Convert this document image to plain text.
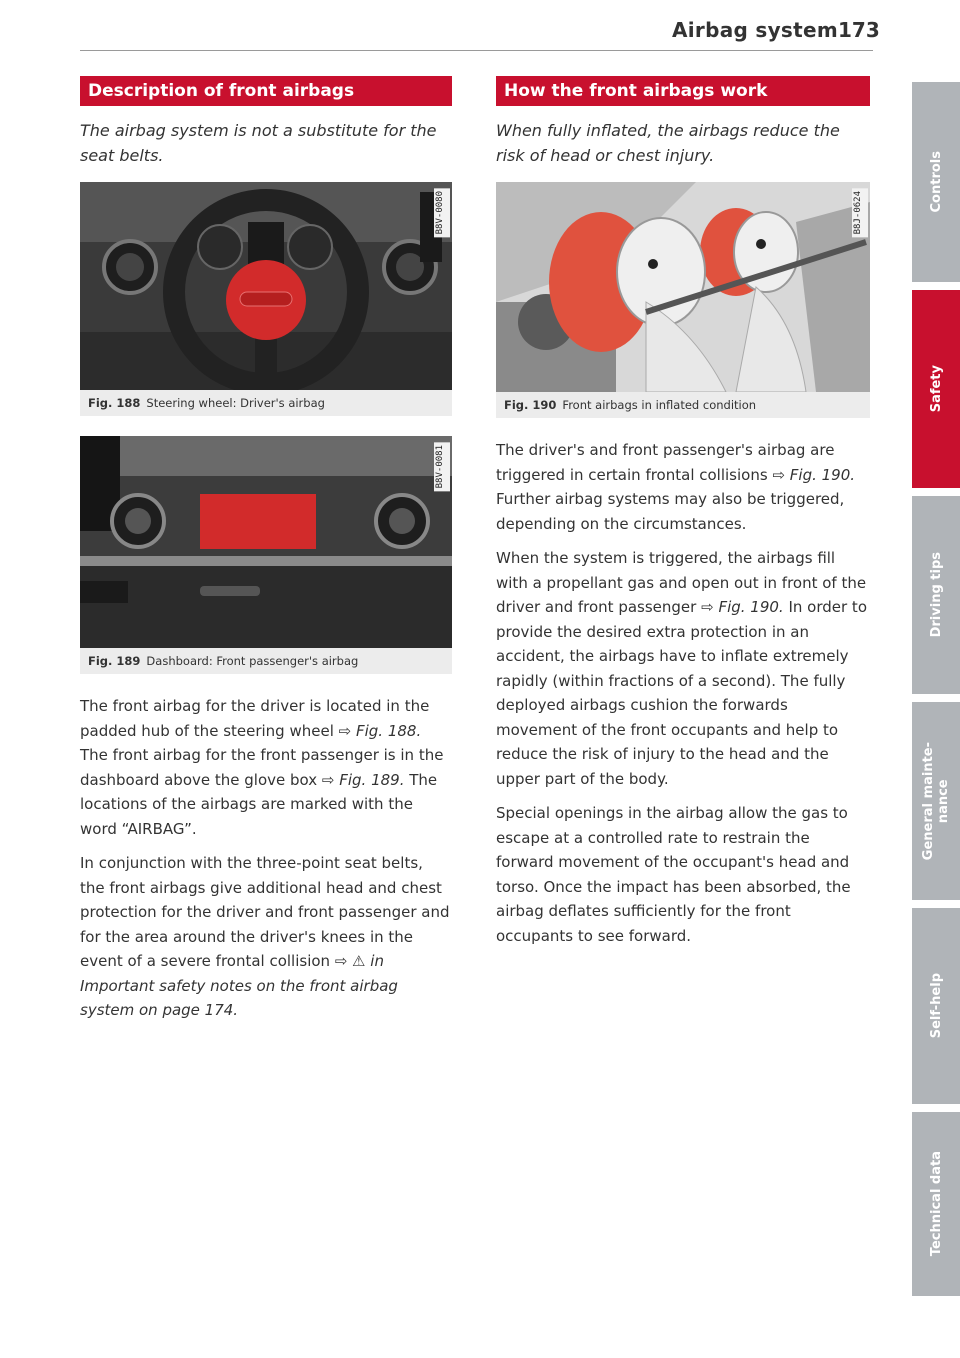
Airbag system 173
Description of front airbags

The airbag system is not a substitute for the seat belts.

B8V-0080
Fig. 188 Steering wheel: Driver's airbag
B8V-0081
Fig. 189 Dashboard: Front passenger's airbag

The front airbag for the driver is located in the padded hub of the steering wheel ⇨ Fig. 188. The front airbag for the front passenger is in the dashboard above the glove box ⇨ Fig. 189. The locations of the airbags are marked with the word “AIRBAG”.

In conjunction with the three-point seat belts, the front airbags give additional head and chest protection for the driver and front passenger and for the area around the driver's knees in the event of a severe frontal collision ⇨ ⚠ in Important safety notes on the front airbag system on page 174.

How the front airbags work

When fully inflated, the airbags reduce the risk of head or chest injury.

B8J-0624
Fig. 190 Front airbags in inflated condition

The driver's and front passenger's airbag are triggered in certain frontal collisions ⇨ Fig. 190. Further airbag systems may also be triggered, depending on the circumstances.

When the system is triggered, the airbags fill with a propellant gas and open out in front of the driver and front passenger ⇨ Fig. 190. In order to provide the desired extra protection in an accident, the airbags have to inflate extremely rapidly (within fractions of a second). The fully deployed airbags cushion the forwards movement of the front occupants and help to reduce the risk of injury to the head and the upper part of the body.

Special openings in the airbag allow the gas to escape at a controlled rate to restrain the forward movement of the occupant's head and torso. Once the impact has been absorbed, the airbag deflates sufficiently for the front occupants to see forward.

Controls
Safety
Driving tips
General mainte-
nance
Self-help
Technical data
